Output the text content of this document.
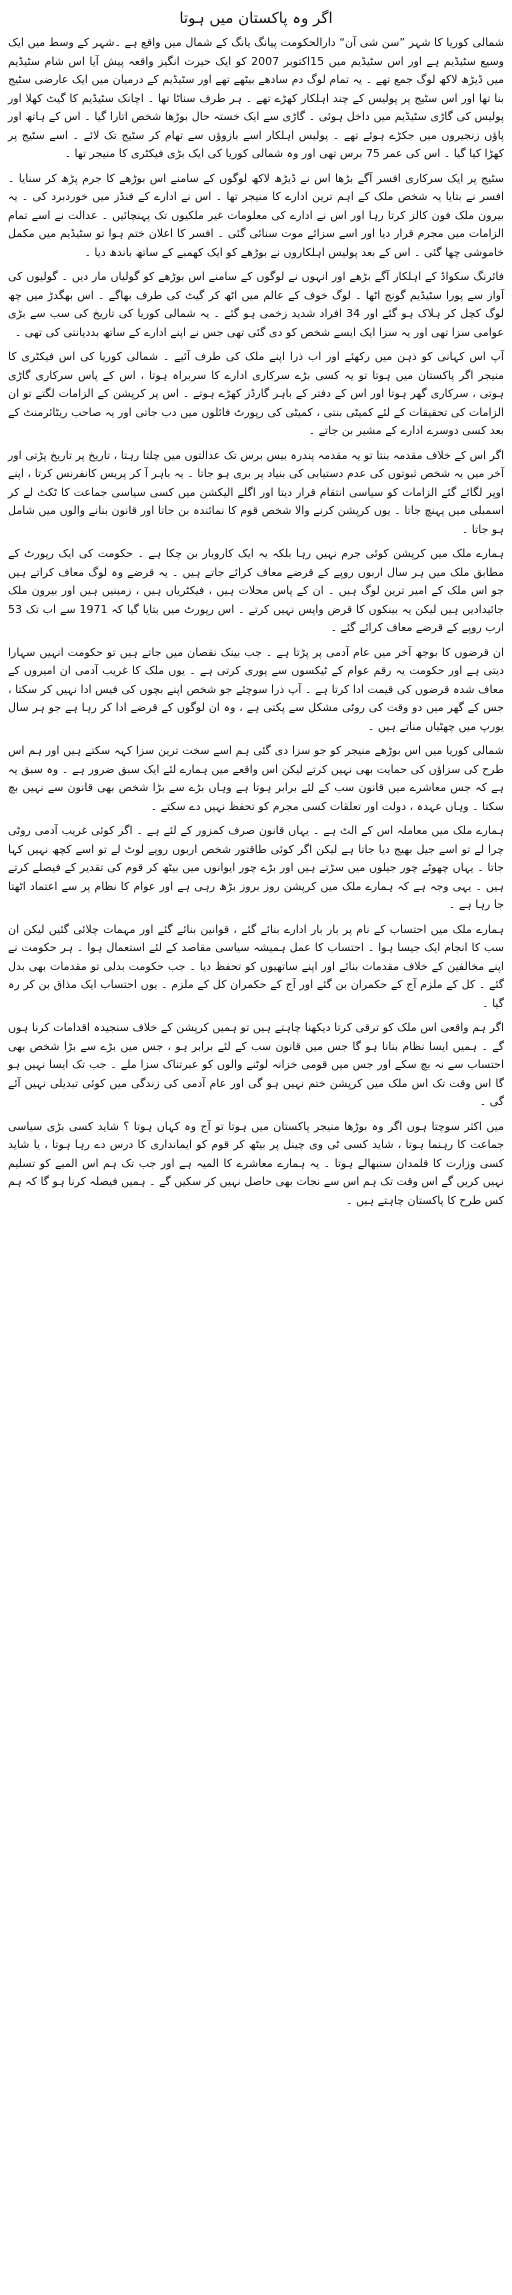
اگر وہ پاکستان میں ہوتا

شمالی کوریا کا شہر ”سن شی آن“ دارالحکومت پیانگ یانگ کے شمال میں واقع ہے ۔شہر کے وسط میں ایک وسیع سٹیڈیم ہے اور اس سٹیڈیم میں 15اکتوبر 2007 کو ایک حیرت انگیز واقعہ پیش آیا اس شام سٹیڈیم میں ڈیڑھ لاکھ لوگ جمع تھے ۔ یہ تمام لوگ دم سادھے بیٹھے تھے اور سٹیڈیم کے درمیان میں ایک عارضی سٹیج بنا تھا اور اس سٹیج پر پولیس کے چند اہلکار کھڑے تھے ۔ ہر طرف سناٹا تھا ۔ اچانک سٹیڈیم کا گیٹ کھلا اور پولیس کی گاڑی سٹیڈیم میں داخل ہوئی ۔ گاڑی سے ایک خستہ حال بوڑھا شخص اتارا گیا ۔ اس کے ہاتھ اور پاؤں زنجیروں میں جکڑے ہوئے تھے ۔ پولیس اہلکار اسے بازوؤں سے تھام کر سٹیج تک لائے ۔ اسے سٹیج پر کھڑا کیا گیا ۔ اس کی عمر 75 برس تھی اور وہ شمالی کوریا کی ایک بڑی فیکٹری کا منیجر تھا ۔

سٹیج پر ایک سرکاری افسر آگے بڑھا اس نے ڈیڑھ لاکھ لوگوں کے سامنے اس بوڑھے کا جرم پڑھ کر سنایا ۔ افسر نے بتایا یہ شخص ملک کے اہم ترین ادارے کا منیجر تھا ۔ اس نے ادارے کے فنڈز میں خوردبرد کی ۔ یہ بیرون ملک فون کالز کرتا رہا اور اس نے ادارے کی معلومات غیر ملکیوں تک پہنچائیں ۔ عدالت نے اسے تمام الزامات میں مجرم قرار دیا اور اسے سزائے موت سنائی گئی ۔ افسر کا اعلان ختم ہوا تو سٹیڈیم میں مکمل خاموشی چھا گئی ۔ اس کے بعد پولیس اہلکاروں نے بوڑھے کو ایک کھمبے کے ساتھ باندھ دیا ۔

فائرنگ سکواڈ کے اہلکار آگے بڑھے اور انہوں نے لوگوں کے سامنے اس بوڑھے کو گولیاں مار دیں ۔ گولیوں کی آواز سے پورا سٹیڈیم گونج اٹھا ۔ لوگ خوف کے عالم میں اٹھ کر گیٹ کی طرف بھاگے ۔ اس بھگدڑ میں چھ لوگ کچل کر ہلاک ہو گئے اور 34 افراد شدید زخمی ہو گئے ۔ یہ شمالی کوریا کی تاریخ کی سب سے بڑی عوامی سزا تھی اور یہ سزا ایک ایسے شخص کو دی گئی تھی جس نے اپنے ادارے کے ساتھ بددیانتی کی تھی ۔

آپ اس کہانی کو ذہن میں رکھئے اور اب ذرا اپنے ملک کی طرف آئیے ۔ شمالی کوریا کی اس فیکٹری کا منیجر اگر پاکستان میں ہوتا تو یہ کسی بڑے سرکاری ادارے کا سربراہ ہوتا ، اس کے پاس سرکاری گاڑی ہوتی ، سرکاری گھر ہوتا اور اس کے دفتر کے باہر گارڈز کھڑے ہوتے ۔ اس پر کرپشن کے الزامات لگتے تو ان الزامات کی تحقیقات کے لئے کمیٹی بنتی ، کمیٹی کی رپورٹ فائلوں میں دب جاتی اور یہ صاحب ریٹائرمنٹ کے بعد کسی دوسرے ادارے کے مشیر بن جاتے ۔

اگر اس کے خلاف مقدمہ بنتا تو یہ مقدمہ پندرہ بیس برس تک عدالتوں میں چلتا رہتا ، تاریخ پر تاریخ پڑتی اور آخر میں یہ شخص ثبوتوں کی عدم دستیابی کی بنیاد پر بری ہو جاتا ۔ یہ باہر آ کر پریس کانفرنس کرتا ، اپنے اوپر لگائے گئے الزامات کو سیاسی انتقام قرار دیتا اور اگلے الیکشن میں کسی سیاسی جماعت کا ٹکٹ لے کر اسمبلی میں پہنچ جاتا ۔ یوں کرپشن کرنے والا شخص قوم کا نمائندہ بن جاتا اور قانون بنانے والوں میں شامل ہو جاتا ۔

ہمارے ملک میں کرپشن کوئی جرم نہیں رہا بلکہ یہ ایک کاروبار بن چکا ہے ۔ حکومت کی ایک رپورٹ کے مطابق ملک میں ہر سال اربوں روپے کے قرضے معاف کرائے جاتے ہیں ۔ یہ قرضے وہ لوگ معاف کراتے ہیں جو اس ملک کے امیر ترین لوگ ہیں ۔ ان کے پاس محلات ہیں ، فیکٹریاں ہیں ، زمینیں ہیں اور بیرون ملک جائیدادیں ہیں لیکن یہ بینکوں کا قرض واپس نہیں کرتے ۔ اس رپورٹ میں بتایا گیا کہ 1971 سے اب تک 53 ارب روپے کے قرضے معاف کرائے گئے ۔

ان قرضوں کا بوجھ آخر میں عام آدمی پر پڑتا ہے ۔ جب بینک نقصان میں جاتے ہیں تو حکومت انہیں سہارا دیتی ہے اور حکومت یہ رقم عوام کے ٹیکسوں سے پوری کرتی ہے ۔ یوں ملک کا غریب آدمی ان امیروں کے معاف شدہ قرضوں کی قیمت ادا کرتا ہے ۔ آپ ذرا سوچئے جو شخص اپنے بچوں کی فیس ادا نہیں کر سکتا ، جس کے گھر میں دو وقت کی روٹی مشکل سے پکتی ہے ، وہ ان لوگوں کے قرضے ادا کر رہا ہے جو ہر سال یورپ میں چھٹیاں مناتے ہیں ۔

شمالی کوریا میں اس بوڑھے منیجر کو جو سزا دی گئی ہم اسے سخت ترین سزا کہہ سکتے ہیں اور ہم اس طرح کی سزاؤں کی حمایت بھی نہیں کرتے لیکن اس واقعے میں ہمارے لئے ایک سبق ضرور ہے ۔ وہ سبق یہ ہے کہ جس معاشرے میں قانون سب کے لئے برابر ہوتا ہے وہاں بڑے سے بڑا شخص بھی قانون سے نہیں بچ سکتا ۔ وہاں عہدہ ، دولت اور تعلقات کسی مجرم کو تحفظ نہیں دے سکتے ۔

ہمارے ملک میں معاملہ اس کے الٹ ہے ۔ یہاں قانون صرف کمزور کے لئے ہے ۔ اگر کوئی غریب آدمی روٹی چرا لے تو اسے جیل بھیج دیا جاتا ہے لیکن اگر کوئی طاقتور شخص اربوں روپے لوٹ لے تو اسے کچھ نہیں کہا جاتا ۔ یہاں چھوٹے چور جیلوں میں سڑتے ہیں اور بڑے چور ایوانوں میں بیٹھ کر قوم کی تقدیر کے فیصلے کرتے ہیں ۔ یہی وجہ ہے کہ ہمارے ملک میں کرپشن روز بروز بڑھ رہی ہے اور عوام کا نظام پر سے اعتماد اٹھتا جا رہا ہے ۔

ہمارے ملک میں احتساب کے نام پر بار بار ادارے بنائے گئے ، قوانین بنائے گئے اور مہمات چلائی گئیں لیکن ان سب کا انجام ایک جیسا ہوا ۔ احتساب کا عمل ہمیشہ سیاسی مقاصد کے لئے استعمال ہوا ۔ ہر حکومت نے اپنے مخالفین کے خلاف مقدمات بنائے اور اپنے ساتھیوں کو تحفظ دیا ۔ جب حکومت بدلی تو مقدمات بھی بدل گئے ۔ کل کے ملزم آج کے حکمران بن گئے اور آج کے حکمران کل کے ملزم ۔ یوں احتساب ایک مذاق بن کر رہ گیا ۔

اگر ہم واقعی اس ملک کو ترقی کرتا دیکھنا چاہتے ہیں تو ہمیں کرپشن کے خلاف سنجیدہ اقدامات کرنا ہوں گے ۔ ہمیں ایسا نظام بنانا ہو گا جس میں قانون سب کے لئے برابر ہو ، جس میں بڑے سے بڑا شخص بھی احتساب سے نہ بچ سکے اور جس میں قومی خزانہ لوٹنے والوں کو عبرتناک سزا ملے ۔ جب تک ایسا نہیں ہو گا اس وقت تک اس ملک میں کرپشن ختم نہیں ہو گی اور عام آدمی کی زندگی میں کوئی تبدیلی نہیں آئے گی ۔

میں اکثر سوچتا ہوں اگر وہ بوڑھا منیجر پاکستان میں ہوتا تو آج وہ کہاں ہوتا ؟ شاید کسی بڑی سیاسی جماعت کا رہنما ہوتا ، شاید کسی ٹی وی چینل پر بیٹھ کر قوم کو ایمانداری کا درس دے رہا ہوتا ، یا شاید کسی وزارت کا قلمدان سنبھالے ہوتا ۔ یہ ہمارے معاشرے کا المیہ ہے اور جب تک ہم اس المیے کو تسلیم نہیں کریں گے اس وقت تک ہم اس سے نجات بھی حاصل نہیں کر سکیں گے ۔ ہمیں فیصلہ کرنا ہو گا کہ ہم کس طرح کا پاکستان چاہتے ہیں ۔
